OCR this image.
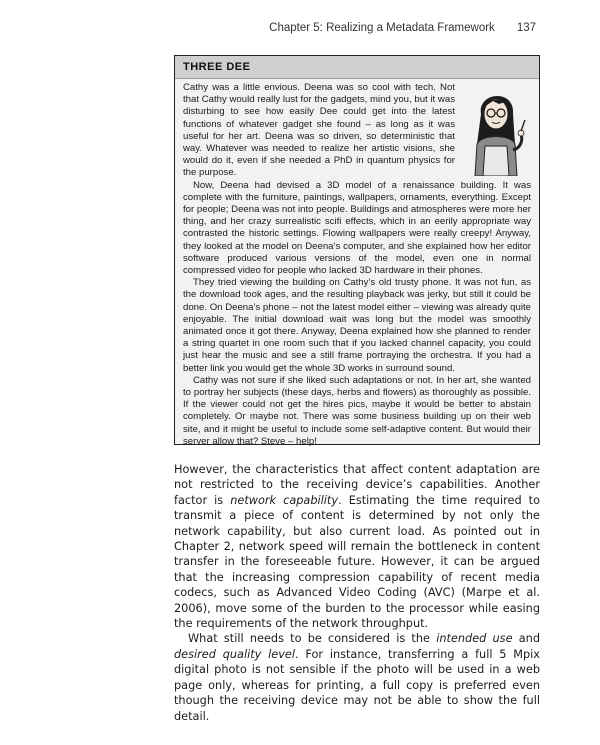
Chapter 5: Realizing a Metadata Framework 137
THREE DEE

Cathy was a little envious. Deena was so cool with tech. Not that Cathy would really lust for the gadgets, mind you, but it was disturbing to see how easily Dee could get into the latest functions of whatever gadget she found – as long as it was useful for her art. Deena was so driven, so deterministic that way. Whatever was needed to realize her artistic visions, she would do it, even if she needed a PhD in quantum physics for the purpose.

Now, Deena had devised a 3D model of a renaissance building. It was complete with the furniture, paintings, wallpapers, ornaments, everything. Except for people; Deena was not into people. Buildings and atmospheres were more her thing, and her crazy surrealistic scifi effects, which in an eerily appropriate way contrasted the historic settings. Flowing wallpapers were really creepy! Anyway, they looked at the model on Deena’s computer, and she explained how her editor software produced various versions of the model, even one in normal compressed video for people who lacked 3D hardware in their phones.

They tried viewing the building on Cathy’s old trusty phone. It was not fun, as the download took ages, and the resulting playback was jerky, but still it could be done. On Deena’s phone – not the latest model either – viewing was already quite enjoyable. The initial download wait was long but the model was smoothly animated once it got there. Anyway, Deena explained how she planned to render a string quartet in one room such that if you lacked channel capacity, you could just hear the music and see a still frame portraying the orchestra. If you had a better link you would get the whole 3D works in surround sound.

Cathy was not sure if she liked such adaptations or not. In her art, she wanted to portray her subjects (these days, herbs and flowers) as thoroughly as possible. If the viewer could not get the hires pics, maybe it would be better to abstain completely. Or maybe not. There was some business building up on their web site, and it might be useful to include some self-adaptive content. But would their server allow that? Steve – help!

However, the characteristics that affect content adaptation are not restricted to the receiving device’s capabilities. Another factor is network capability. Estimating the time required to transmit a piece of content is determined by not only the network capability, but also current load. As pointed out in Chapter 2, network speed will remain the bottleneck in content transfer in the foreseeable future. However, it can be argued that the increasing compression capability of recent media codecs, such as Advanced Video Coding (AVC) (Marpe et al. 2006), move some of the burden to the processor while easing the requirements of the network throughput.

What still needs to be considered is the intended use and desired quality level. For instance, transferring a full 5 Mpix digital photo is not sensible if the photo will be used in a web page only, whereas for printing, a full copy is preferred even though the receiving device may not be able to show the full detail.
